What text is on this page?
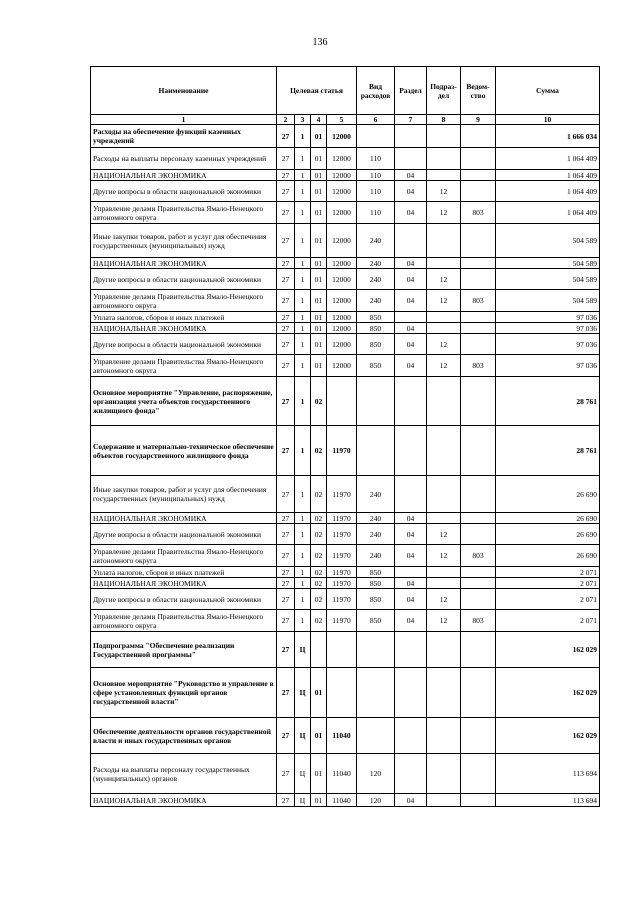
136
Наименование	Целевая статья				Вид расходов	Раздел	Подраз-дел	Ведом-ство	Сумма
1	2	3	4	5	6	7	8	9	10
Расходы на обеспечение функций казенных учреждений	27	1	01	12000					1 666 034
Расходы на выплаты персоналу казенных учреждений	27	1	01	12000	110				1 064 409
НАЦИОНАЛЬНАЯ ЭКОНОМИКА	27	1	01	12000	110	04			1 064 409
Другие вопросы в области национальной экономики	27	1	01	12000	110	04	12		1 064 409
Управление делами Правительства Ямало-Ненецкого автономного округа	27	1	01	12000	110	04	12	803	1 064 409
Иные закупки товаров, работ и услуг для обеспечения государственных (муниципальных) нужд	27	1	01	12000	240				504 589
НАЦИОНАЛЬНАЯ ЭКОНОМИКА	27	1	01	12000	240	04			504 589
Другие вопросы в области национальной экономики	27	1	01	12000	240	04	12		504 589
Управление делами Правительства Ямало-Ненецкого автономного округа	27	1	01	12000	240	04	12	803	504 589
Уплата налогов, сборов и иных платежей	27	1	01	12000	850				97 036
НАЦИОНАЛЬНАЯ ЭКОНОМИКА	27	1	01	12000	850	04			97 036
Другие вопросы в области национальной экономики	27	1	01	12000	850	04	12		97 036
Управление делами Правительства Ямало-Ненецкого автономного округа	27	1	01	12000	850	04	12	803	97 036
Основное мероприятие "Управление, распоряжение, организация учета объектов государственного жилищного фонда"	27	1	02						28 761
Содержание и материально-техническое обеспечение объектов государственного жилищного фонда	27	1	02	11970					28 761
Иные закупки товаров, работ и услуг для обеспечения государственных (муниципальных) нужд	27	1	02	11970	240				26 690
НАЦИОНАЛЬНАЯ ЭКОНОМИКА	27	1	02	11970	240	04			26 690
Другие вопросы в области национальной экономики	27	1	02	11970	240	04	12		26 690
Управление делами Правительства Ямало-Ненецкого автономного округа	27	1	02	11970	240	04	12	803	26 690
Уплата налогов, сборов и иных платежей	27	1	02	11970	850				2 071
НАЦИОНАЛЬНАЯ ЭКОНОМИКА	27	1	02	11970	850	04			2 071
Другие вопросы в области национальной экономики	27	1	02	11970	850	04	12		2 071
Управление делами Правительства Ямало-Ненецкого автономного округа	27	1	02	11970	850	04	12	803	2 071
Подпрограмма "Обеспечение реализации Государственной программы"	27	Ц							162 029
Основное мероприятие "Руководство и управление в сфере установленных функций органов государственной власти"	27	Ц	01						162 029
Обеспечение деятельности органов государственной власти и иных государственных органов	27	Ц	01	11040					162 029
Расходы на выплаты персоналу государственных (муниципальных) органов	27	Ц	01	11040	120				113 694
НАЦИОНАЛЬНАЯ ЭКОНОМИКА	27	Ц	01	11040	120	04			113 694
